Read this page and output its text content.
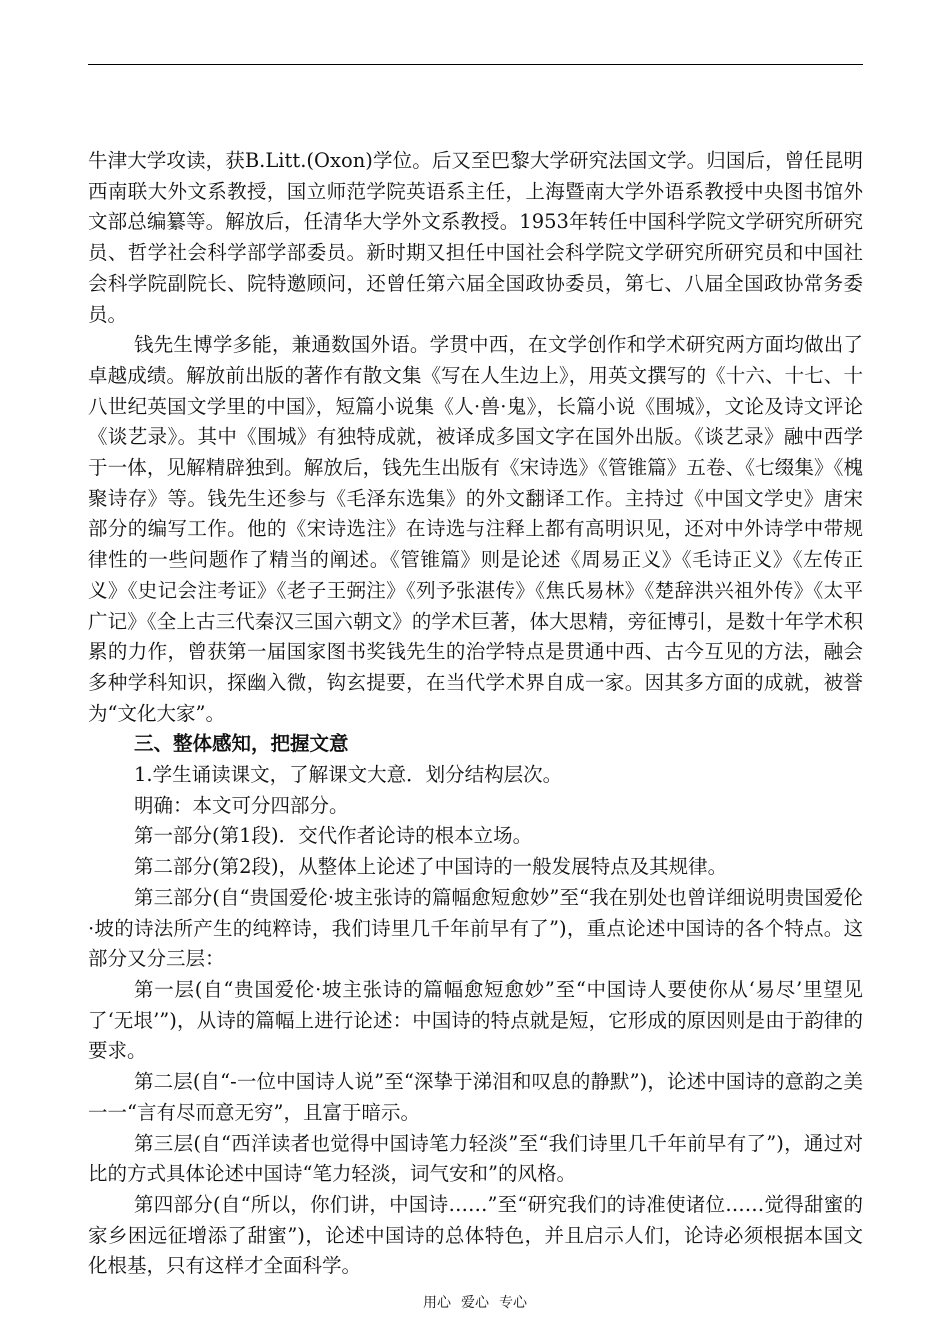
牛津大学攻读，获B.Litt.(Oxon)学位。后又至巴黎大学研究法国文学。归国后，曾任昆明西南联大外文系教授，国立师范学院英语系主任，上海暨南大学外语系教授中央图书馆外文部总编纂等。解放后，任清华大学外文系教授。1953年转任中国科学院文学研究所研究员、哲学社会科学部学部委员。新时期又担任中国社会科学院文学研究所研究员和中国社会科学院副院长、院特邀顾问，还曾任第六届全国政协委员，第七、八届全国政协常务委员。

钱先生博学多能，兼通数国外语。学贯中西，在文学创作和学术研究两方面均做出了卓越成绩。解放前出版的著作有散文集《写在人生边上》，用英文撰写的《十六、十七、十八世纪英国文学里的中国》，短篇小说集《人·兽·鬼》，长篇小说《围城》，文论及诗文评论《谈艺录》。其中《围城》有独特成就，被译成多国文字在国外出版。《谈艺录》融中西学于一体，见解精辟独到。解放后，钱先生出版有《宋诗选》《管锥篇》五卷、《七缀集》《槐聚诗存》等。钱先生还参与《毛泽东选集》的外文翻译工作。主持过《中国文学史》唐宋部分的编写工作。他的《宋诗选注》在诗选与注释上都有高明识见，还对中外诗学中带规律性的一些问题作了精当的阐述。《管锥篇》则是论述《周易正义》《毛诗正义》《左传正义》《史记会注考证》《老子王弼注》《列予张湛传》《焦氏易林》《楚辞洪兴祖外传》《太平广记》《全上古三代秦汉三国六朝文》的学术巨著，体大思精，旁征博引，是数十年学术积累的力作，曾获第一届国家图书奖钱先生的治学特点是贯通中西、古今互见的方法，融会多种学科知识，探幽入微，钩玄提要，在当代学术界自成一家。因其多方面的成就，被誉为“文化大家”。

三、整体感知，把握文意

1.学生诵读课文，了解课文大意．划分结构层次。

明确：本文可分四部分。

第一部分(第1段)．交代作者论诗的根本立场。

第二部分(第2段)，从整体上论述了中国诗的一般发展特点及其规律。

第三部分(自“贵国爱伦·坡主张诗的篇幅愈短愈妙”至“我在别处也曾详细说明贵国爱伦·坡的诗法所产生的纯粹诗，我们诗里几千年前早有了”)，重点论述中国诗的各个特点。这部分又分三层：

第一层(自“贵国爱伦·坡主张诗的篇幅愈短愈妙”至“中国诗人要使你从‘易尽’里望见了‘无垠’”)，从诗的篇幅上进行论述：中国诗的特点就是短，它形成的原因则是由于韵律的要求。

第二层(自“-一位中国诗人说”至“深挚于涕泪和叹息的静默”)，论述中国诗的意韵之美一一“言有尽而意无穷”，且富于暗示。

第三层(自“西洋读者也觉得中国诗笔力轻淡”至“我们诗里几千年前早有了”)，通过对比的方式具体论述中国诗“笔力轻淡，词气安和”的风格。

第四部分(自“所以，你们讲，中国诗……”至“研究我们的诗准使诸位……觉得甜蜜的家乡困远征增添了甜蜜”)，论述中国诗的总体特色，并且启示人们，论诗必须根据本国文化根基，只有这样才全面科学。

用心 爱心 专心
